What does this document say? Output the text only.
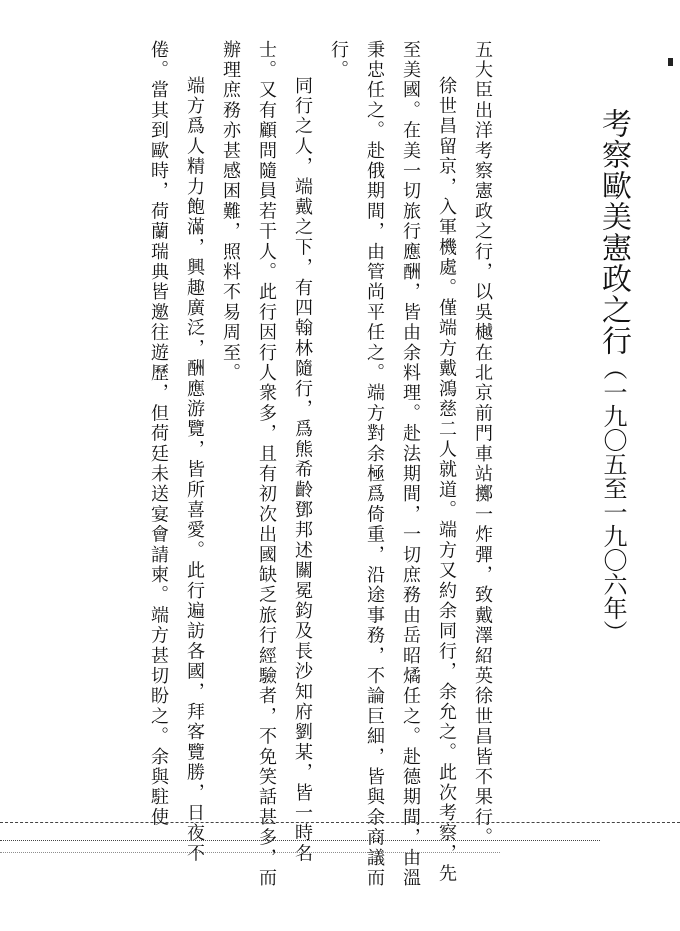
考察歐美憲政之行（一九〇五至一九〇六年）

五大臣出洋考察憲政之行，以吳樾在北京前門車站擲一炸彈，致戴澤紹英徐世昌皆不果行。

徐世昌留京，入軍機處。僅端方戴鴻慈二人就道。端方又約余同行，余允之。此次考察，先至美國。在美一切旅行應酬，皆由余料理。赴法期間，一切庶務由岳昭燏任之。赴德期間，由溫秉忠任之。赴俄期間，由管尚平任之。端方對余極爲倚重，沿途事務，不論巨細，皆與余商議而行。

同行之人，端戴之下，有四翰林隨行，爲熊希齡鄧邦述關冕鈞及長沙知府劉某，皆一時名士。又有顧問隨員若干人。此行因行人衆多，且有初次出國缺乏旅行經驗者，不免笑話甚多，而辦理庶務亦甚感困難，照料不易周至。

端方爲人精力飽滿，興趣廣泛，酬應游覽，皆所喜愛。此行遍訪各國，拜客覽勝，日夜不倦。當其到歐時，荷蘭瑞典皆邀往遊歷，但荷廷未送宴會請柬。端方甚切盼之。余與駐使
